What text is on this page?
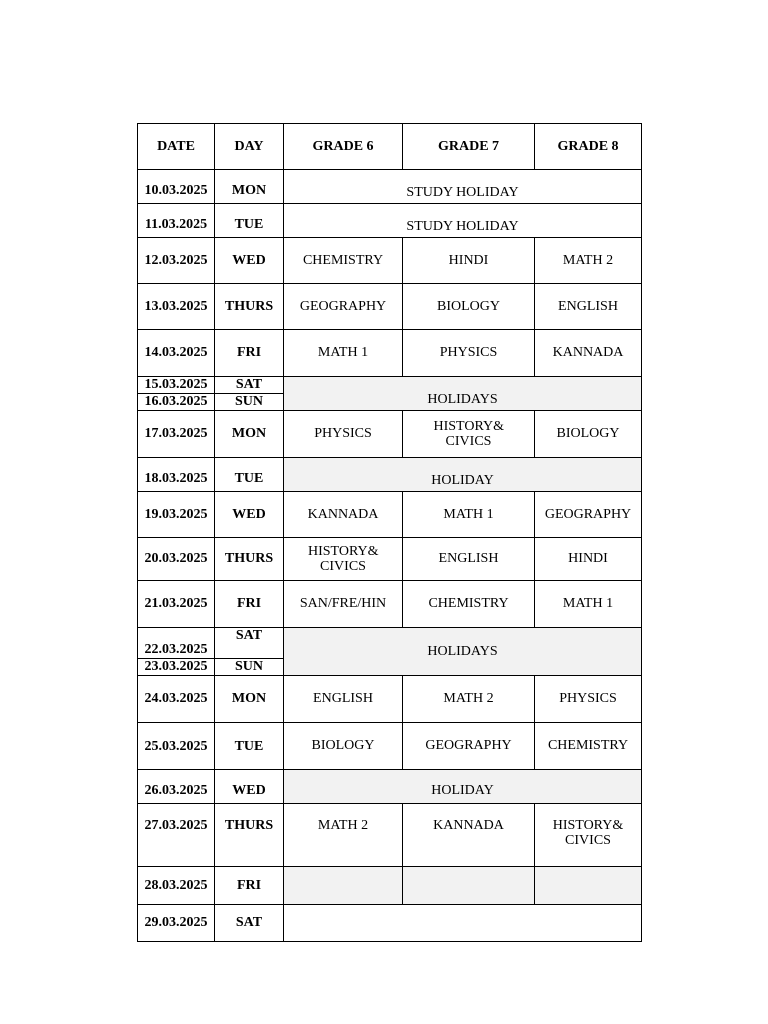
DATE	DAY	GRADE 6	GRADE 7	GRADE 8
10.03.2025	MON	STUDY HOLIDAY		
11.03.2025	TUE	STUDY HOLIDAY		
12.03.2025	WED	CHEMISTRY	HINDI	MATH 2
13.03.2025	THURS	GEOGRAPHY	BIOLOGY	ENGLISH
14.03.2025	FRI	MATH 1	PHYSICS	KANNADA
15.03.2025	SAT	HOLIDAYS		
16.03.2025	SUN			
17.03.2025	MON	PHYSICS	HISTORY& CIVICS	BIOLOGY
18.03.2025	TUE	HOLIDAY		
19.03.2025	WED	KANNADA	MATH 1	GEOGRAPHY
20.03.2025	THURS	HISTORY& CIVICS	ENGLISH	HINDI
21.03.2025	FRI	SAN/FRE/HIN	CHEMISTRY	MATH 1
22.03.2025	SAT	HOLIDAYS		
23.03.2025	SUN			
24.03.2025	MON	ENGLISH	MATH 2	PHYSICS
25.03.2025	TUE	BIOLOGY	GEOGRAPHY	CHEMISTRY
26.03.2025	WED	HOLIDAY		
27.03.2025	THURS	MATH 2	KANNADA	HISTORY& CIVICS

28.03.2025	FRI			
29.03.2025	SAT			
